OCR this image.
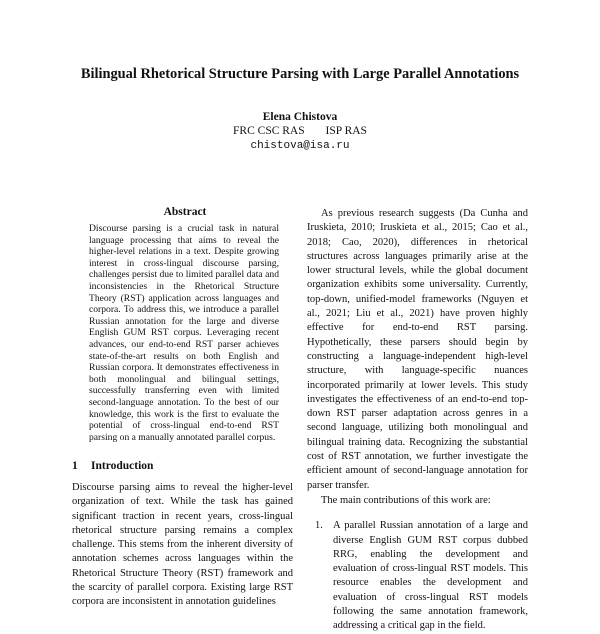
Bilingual Rhetorical Structure Parsing with Large Parallel Annotations
Elena Chistova
FRC CSC RAS ISP RAS
chistova@isa.ru
Abstract
Discourse parsing is a crucial task in natural language processing that aims to reveal the higher-level relations in a text. Despite growing interest in cross-lingual discourse parsing, challenges persist due to limited parallel data and inconsistencies in the Rhetorical Structure Theory (RST) application across languages and corpora. To address this, we introduce a parallel Russian annotation for the large and diverse English GUM RST corpus. Leveraging recent advances, our end-to-end RST parser achieves state-of-the-art results on both English and Russian corpora. It demonstrates effectiveness in both monolingual and bilingual settings, successfully transferring even with limited second-language annotation. To the best of our knowledge, this work is the first to evaluate the potential of cross-lingual end-to-end RST parsing on a manually annotated parallel corpus.
1 Introduction
Discourse parsing aims to reveal the higher-level organization of text. While the task has gained significant traction in recent years, cross-lingual rhetorical structure parsing remains a complex challenge. This stems from the inherent diversity of annotation schemes across languages within the Rhetorical Structure Theory (RST) framework and the scarcity of parallel corpora. Existing large RST corpora are inconsistent in annotation guidelines

As previous research suggests (Da Cunha and Iruskieta, 2010; Iruskieta et al., 2015; Cao et al., 2018; Cao, 2020), differences in rhetorical structures across languages primarily arise at the lower structural levels, while the global document organization exhibits some universality. Currently, top-down, unified-model frameworks (Nguyen et al., 2021; Liu et al., 2021) have proven highly effective for end-to-end RST parsing. Hypothetically, these parsers should begin by constructing a language-independent high-level structure, with language-specific nuances incorporated primarily at lower levels. This study investigates the effectiveness of an end-to-end top-down RST parser adaptation across genres in a second language, utilizing both monolingual and bilingual training data. Recognizing the substantial cost of RST annotation, we further investigate the efficient amount of second-language annotation for parser transfer.

The main contributions of this work are:

1. A parallel Russian annotation of a large and diverse English GUM RST corpus dubbed RRG, enabling the development and evaluation of cross-lingual RST models. This resource enables the development and evaluation of cross-lingual RST models following the same annotation framework, addressing a critical gap in the field.
